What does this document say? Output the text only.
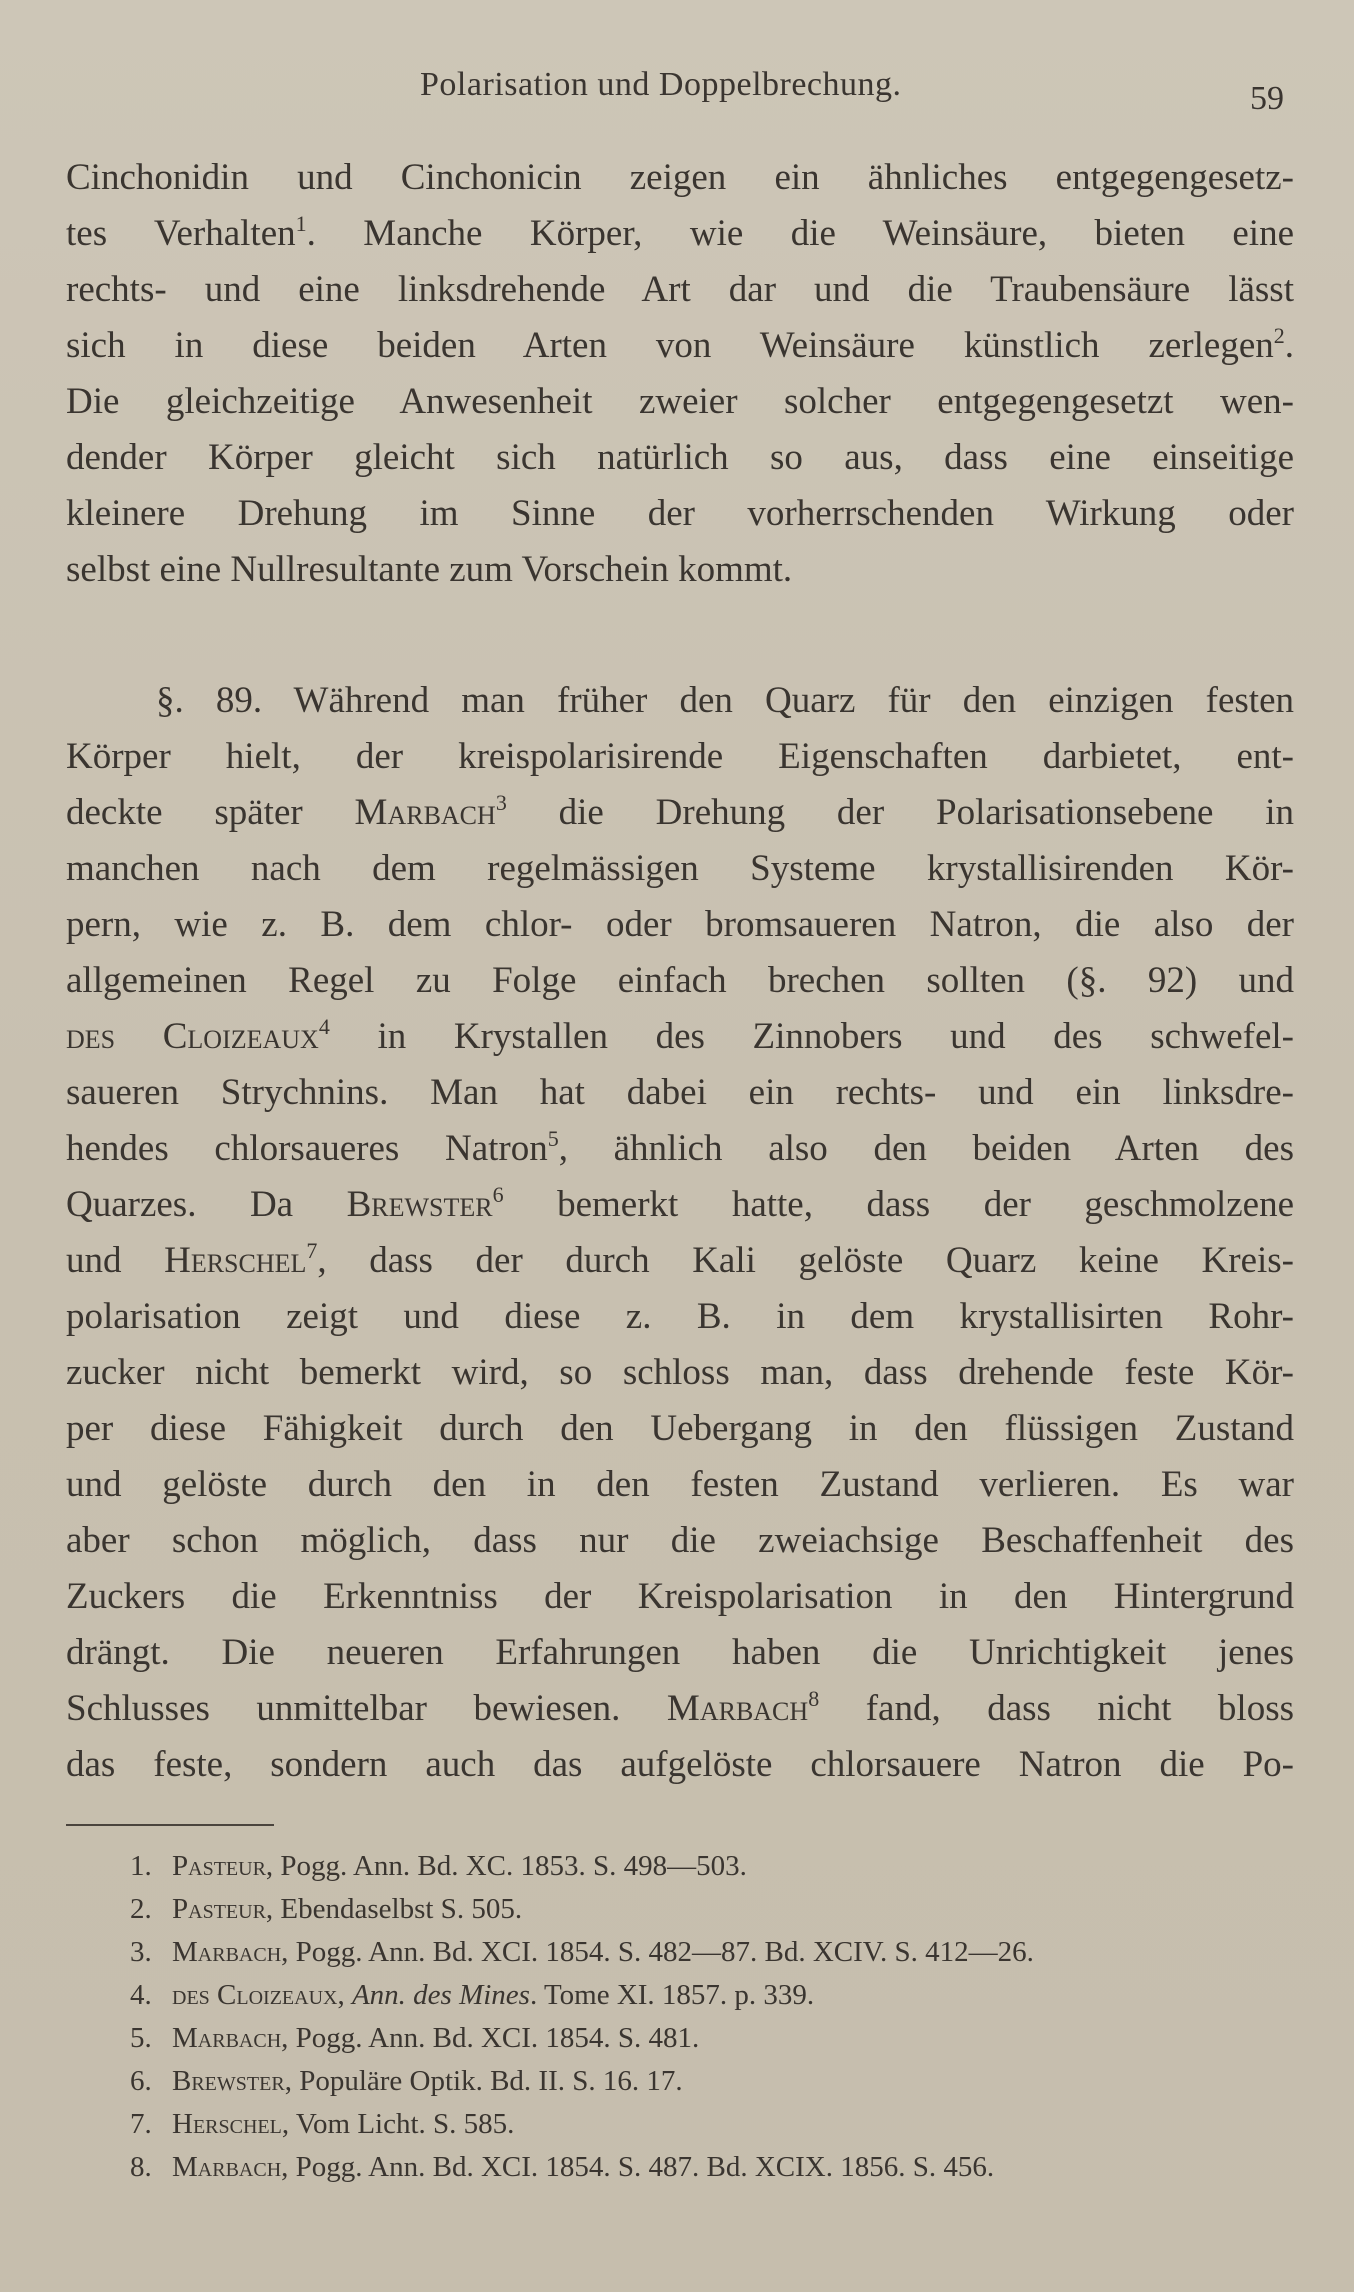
Polarisation und Doppelbrechung.	59
Cinchonidin und Cinchonicin zeigen ein ähnliches entgegengesetz-
tes Verhalten$^1$. Manche Körper, wie die Weinsäure, bieten eine
rechts- und eine linksdrehende Art dar und die Traubensäure lässt
sich in diese beiden Arten von Weinsäure künstlich zerlegen$^2$.
Die gleichzeitige Anwesenheit zweier solcher entgegengesetzt wen-
dender Körper gleicht sich natürlich so aus, dass eine einseitige
kleinere Drehung im Sinne der vorherrschenden Wirkung oder
selbst eine Nullresultante zum Vorschein kommt.
§. 89. Während man früher den Quarz für den einzigen festen
Körper hielt, der kreispolarisirende Eigenschaften darbietet, ent-
deckte später Marbach$^3$ die Drehung der Polarisationsebene in
manchen nach dem regelmässigen Systeme krystallisirenden Kör-
pern, wie z. B. dem chlor- oder bromsaueren Natron, die also der
allgemeinen Regel zu Folge einfach brechen sollten (§. 92) und
des Cloizeaux$^4$ in Krystallen des Zinnobers und des schwefel-
saueren Strychnins. Man hat dabei ein rechts- und ein linksdre-
hendes chlorsaueres Natron$^5$, ähnlich also den beiden Arten des
Quarzes. Da Brewster$^6$ bemerkt hatte, dass der geschmolzene
und Herschel$^7$, dass der durch Kali gelöste Quarz keine Kreis-
polarisation zeigt und diese z. B. in dem krystallisirten Rohr-
zucker nicht bemerkt wird, so schloss man, dass drehende feste Kör-
per diese Fähigkeit durch den Uebergang in den flüssigen Zustand
und gelöste durch den in den festen Zustand verlieren. Es war
aber schon möglich, dass nur die zweiachsige Beschaffenheit des
Zuckers die Erkenntniss der Kreispolarisation in den Hintergrund
drängt. Die neueren Erfahrungen haben die Unrichtigkeit jenes
Schlusses unmittelbar bewiesen. Marbach$^8$ fand, dass nicht bloss
das feste, sondern auch das aufgelöste chlorsauere Natron die Po-
1. Pasteur, Pogg. Ann. Bd. XC. 1853. S. 498—503.
2. Pasteur, Ebendaselbst S. 505.
3. Marbach, Pogg. Ann. Bd. XCI. 1854. S. 482—87. Bd. XCIV. S. 412—26.
4. des Cloizeaux, Ann. des Mines. Tome XI. 1857. p. 339.
5. Marbach, Pogg. Ann. Bd. XCI. 1854. S. 481.
6. Brewster, Populäre Optik. Bd. II. S. 16. 17.
7. Herschel, Vom Licht. S. 585.
8. Marbach, Pogg. Ann. Bd. XCI. 1854. S. 487. Bd. XCIX. 1856. S. 456.
